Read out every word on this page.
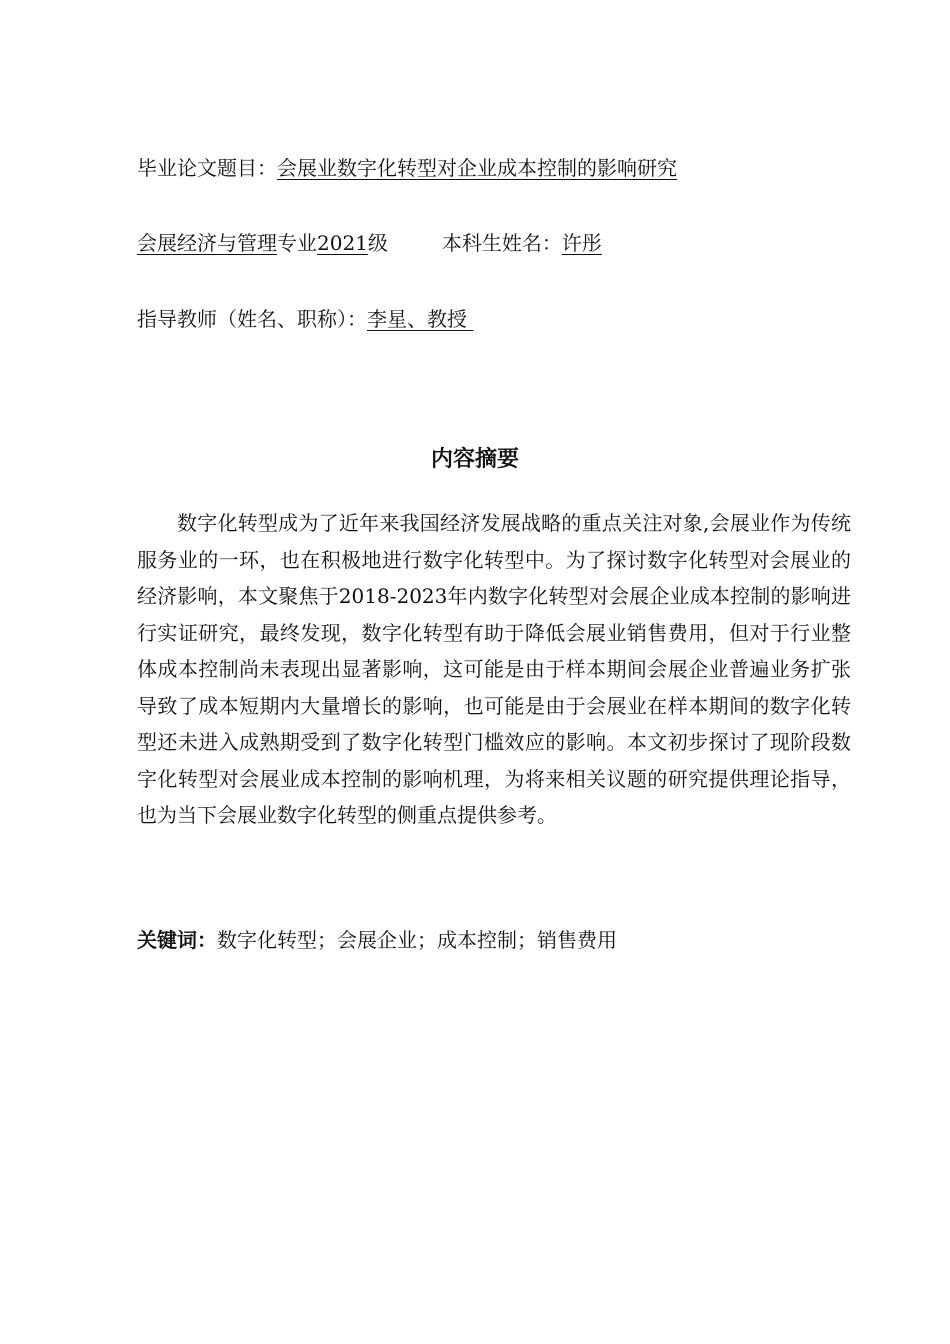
毕业论文题目：会展业数字化转型对企业成本控制的影响研究
会展经济与管理专业2021级	本科生姓名：许彤
指导教师（姓名、职称）：李星、教授
内容摘要

数字化转型成为了近年来我国经济发展战略的重点关注对象,会展业作为传统服务业的一环，也在积极地进行数字化转型中。为了探讨数字化转型对会展业的经济影响，本文聚焦于2018-2023年内数字化转型对会展企业成本控制的影响进行实证研究，最终发现，数字化转型有助于降低会展业销售费用，但对于行业整体成本控制尚未表现出显著影响，这可能是由于样本期间会展企业普遍业务扩张导致了成本短期内大量增长的影响，也可能是由于会展业在样本期间的数字化转型还未进入成熟期受到了数字化转型门槛效应的影响。本文初步探讨了现阶段数字化转型对会展业成本控制的影响机理，为将来相关议题的研究提供理论指导，也为当下会展业数字化转型的侧重点提供参考。

关键词：数字化转型；会展企业；成本控制；销售费用
